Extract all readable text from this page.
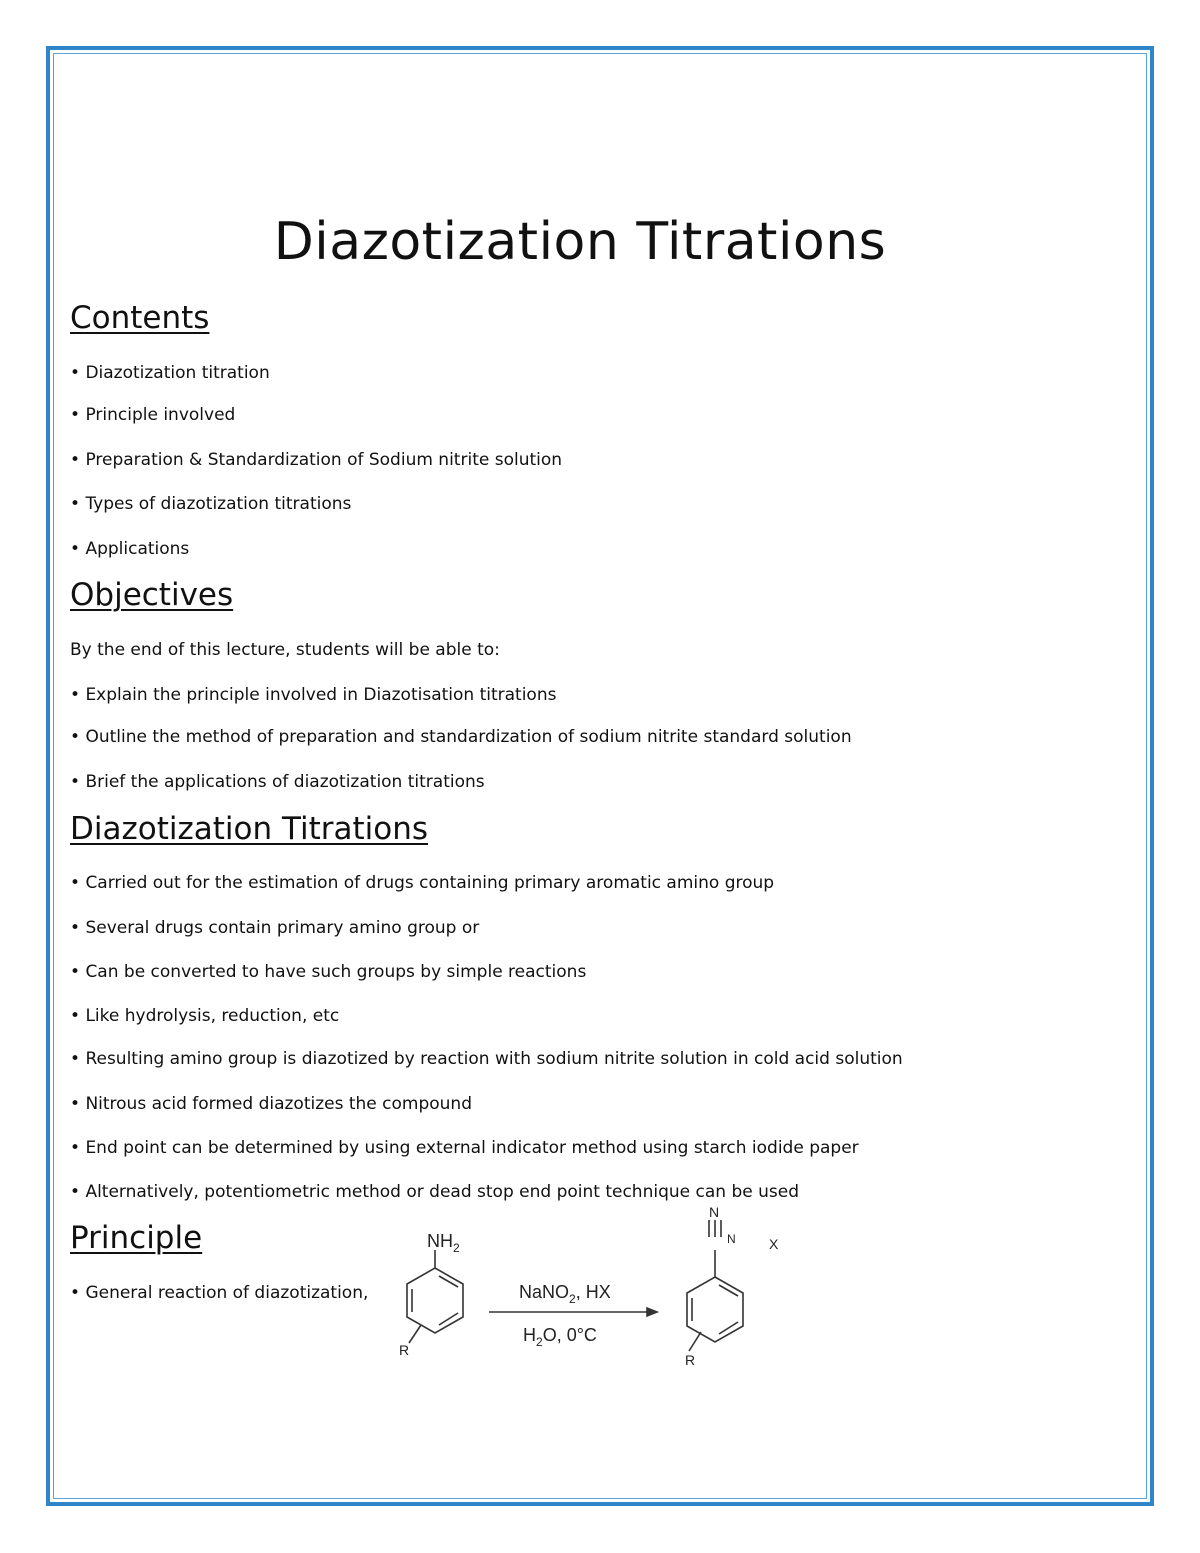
Diazotization Titrations
Contents

• Diazotization titration

• Principle involved

• Preparation & Standardization of Sodium nitrite solution

• Types of diazotization titrations

• Applications

Objectives

By the end of this lecture, students will be able to:

• Explain the principle involved in Diazotisation titrations

• Outline the method of preparation and standardization of sodium nitrite standard solution

• Brief the applications of diazotization titrations

Diazotization Titrations

• Carried out for the estimation of drugs containing primary aromatic amino group

• Several drugs contain primary amino group or

• Can be converted to have such groups by simple reactions

• Like hydrolysis, reduction, etc

• Resulting amino group is diazotized by reaction with sodium nitrite solution in cold acid solution

• Nitrous acid formed diazotizes the compound

• End point can be determined by using external indicator method using starch iodide paper

• Alternatively, potentiometric method or dead stop end point technique can be used

Principle

• General reaction of diazotization,

$NH_2$
R
NaNO$_2$, HX
$H_2O$, 0°C
N
N X
R
